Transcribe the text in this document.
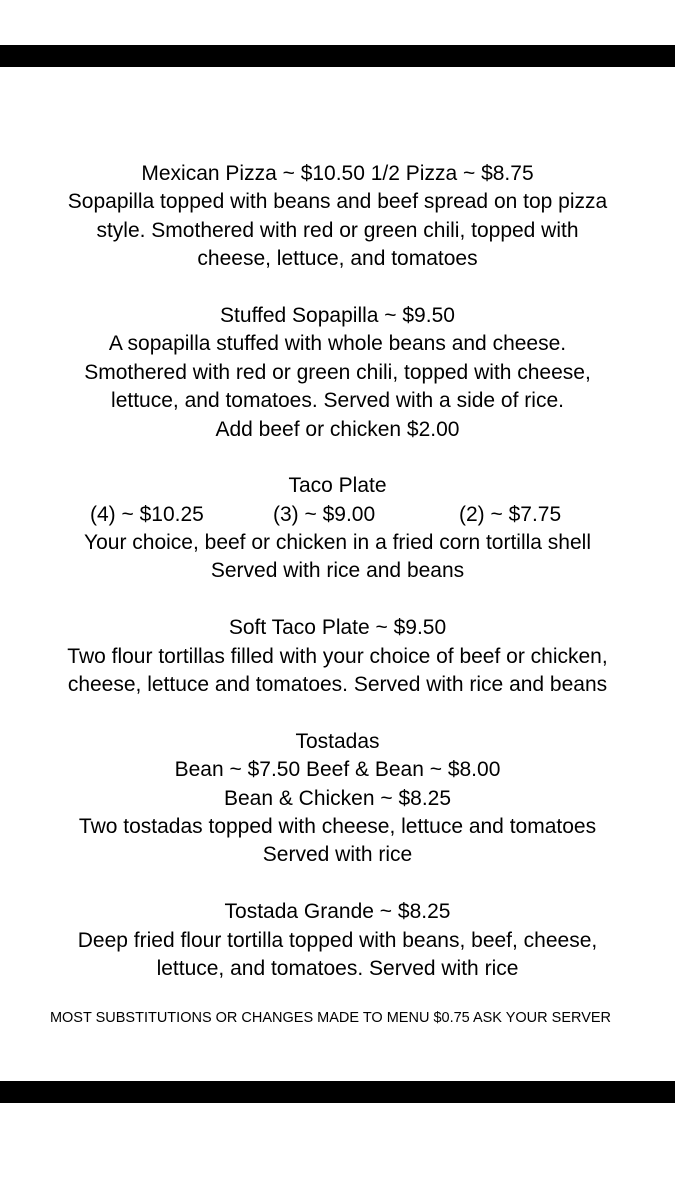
Mexican Pizza ~ $10.50 1/2 Pizza ~ $8.75
Sopapilla topped with beans and beef spread on top pizza
style. Smothered with red or green chili, topped with
cheese, lettuce, and tomatoes
Stuffed Sopapilla ~ $9.50
A sopapilla stuffed with whole beans and cheese.
Smothered with red or green chili, topped with cheese,
lettuce, and tomatoes. Served with a side of rice.
Add beef or chicken $2.00
Taco Plate
(4) ~ $10.25	(3) ~ $9.00	(2) ~ $7.75
Your choice, beef or chicken in a fried corn tortilla shell
Served with rice and beans
Soft Taco Plate ~ $9.50
Two flour tortillas filled with your choice of beef or chicken,
cheese, lettuce and tomatoes. Served with rice and beans
Tostadas
Bean ~ $7.50 Beef & Bean ~ $8.00
Bean & Chicken ~ $8.25
Two tostadas topped with cheese, lettuce and tomatoes
Served with rice
Tostada Grande ~ $8.25
Deep fried flour tortilla topped with beans, beef, cheese,
lettuce, and tomatoes. Served with rice
MOST SUBSTITUTIONS OR CHANGES MADE TO MENU $0.75 ASK YOUR SERVER
